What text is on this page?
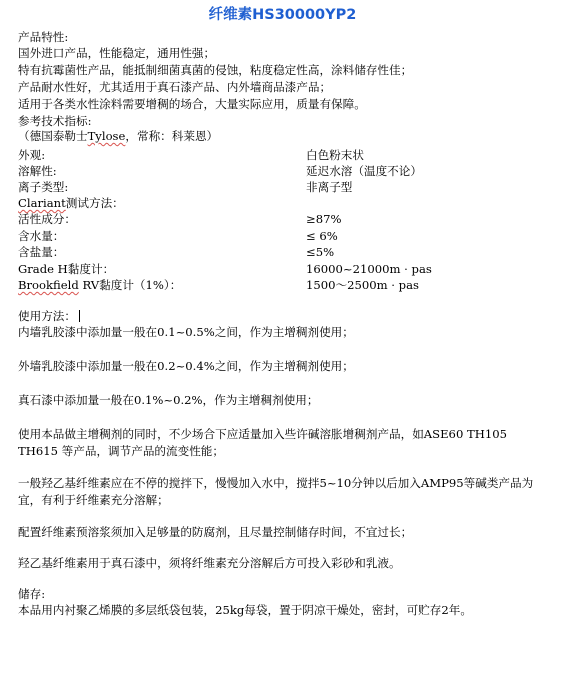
纤维素HS30000YP2
产品特性:
国外进口产品，性能稳定，通用性强；
特有抗霉菌性产品，能抵制细菌真菌的侵蚀，粘度稳定性高，涂料储存性佳；
产品耐水性好，尤其适用于真石漆产品、内外墙商品漆产品；
适用于各类水性涂料需要增稠的场合，大量实际应用，质量有保障。
参考技术指标:
（德国泰勒士Tylose，常称：科莱恩）
外观:	白色粉末状
溶解性:	延迟水溶（温度不论）
离子类型:	非离子型
Clariant测试方法：
活性成分：	≥87%
含水量：	≤ 6%
含盐量：	≤5%
Grade H黏度计：	16000~21000m · pas
Brookfield RV黏度计（1%）：	1500～2500m · pas
使用方法：
内墙乳胶漆中添加量一般在0.1~0.5%之间，作为主增稠剂使用；
外墙乳胶漆中添加量一般在0.2~0.4%之间，作为主增稠剂使用；
真石漆中添加量一般在0.1%~0.2%，作为主增稠剂使用；
使用本品做主增稠剂的同时，不少场合下应适量加入些许碱溶胀增稠剂产品，如ASE60 TH105 TH615 等产品，调节产品的流变性能；
一般羟乙基纤维素应在不停的搅拌下，慢慢加入水中，搅拌5~10分钟以后加入AMP95等碱类产品为宜，有利于纤维素充分溶解；
配置纤维素预溶浆须加入足够量的防腐剂，且尽量控制储存时间，不宜过长；
羟乙基纤维素用于真石漆中，须将纤维素充分溶解后方可投入彩砂和乳液。
储存:
本品用内衬聚乙烯膜的多层纸袋包装，25kg每袋，置于阴凉干燥处，密封，可贮存2年。
